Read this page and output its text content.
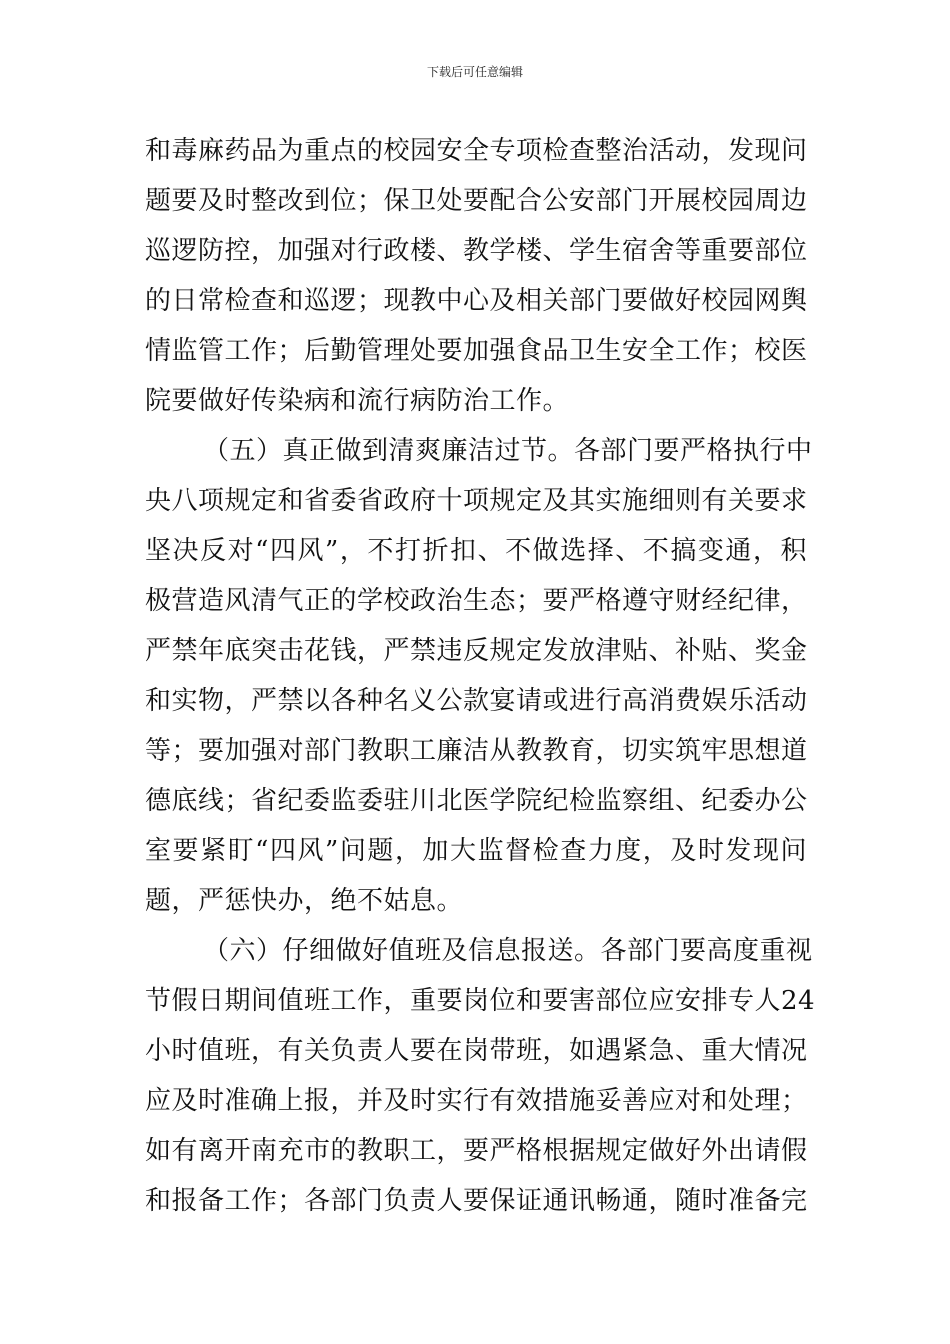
下载后可任意编辑
和毒麻药品为重点的校园安全专项检查整治活动，发现问
题要及时整改到位；保卫处要配合公安部门开展校园周边
巡逻防控，加强对行政楼、教学楼、学生宿舍等重要部位
的日常检查和巡逻；现教中心及相关部门要做好校园网舆
情监管工作；后勤管理处要加强食品卫生安全工作；校医
院要做好传染病和流行病防治工作。
（五）真正做到清爽廉洁过节。各部门要严格执行中
央八项规定和省委省政府十项规定及其实施细则有关要求
坚决反对“四风”，不打折扣、不做选择、不搞变通，积
极营造风清气正的学校政治生态；要严格遵守财经纪律，
严禁年底突击花钱，严禁违反规定发放津贴、补贴、奖金
和实物，严禁以各种名义公款宴请或进行高消费娱乐活动
等；要加强对部门教职工廉洁从教教育，切实筑牢思想道
德底线；省纪委监委驻川北医学院纪检监察组、纪委办公
室要紧盯“四风”问题，加大监督检查力度，及时发现问
题，严惩快办，绝不姑息。
（六）仔细做好值班及信息报送。各部门要高度重视
节假日期间值班工作，重要岗位和要害部位应安排专人24
小时值班，有关负责人要在岗带班，如遇紧急、重大情况
应及时准确上报，并及时实行有效措施妥善应对和处理；
如有离开南充市的教职工，要严格根据规定做好外出请假
和报备工作；各部门负责人要保证通讯畅通，随时准备完
